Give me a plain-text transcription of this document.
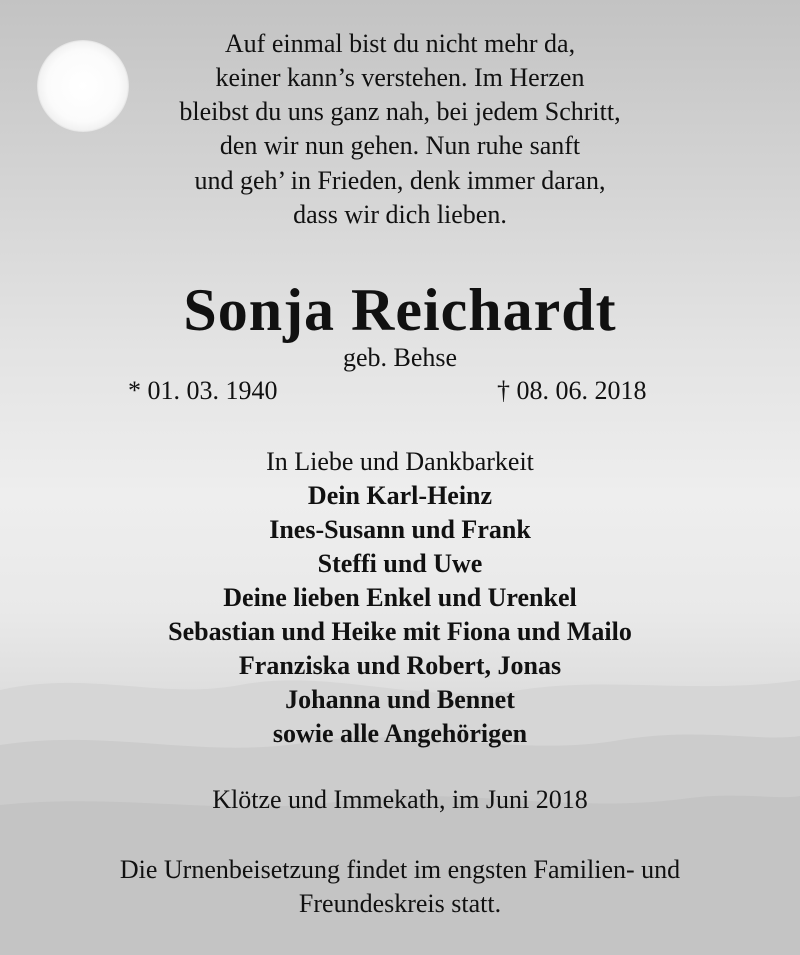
Auf einmal bist du nicht mehr da,
keiner kann’s verstehen. Im Herzen
bleibst du uns ganz nah, bei jedem Schritt,
den wir nun gehen. Nun ruhe sanft
und geh’ in Frieden, denk immer daran,
dass wir dich lieben.
Sonja Reichardt
geb. Behse
* 01. 03. 1940	† 08. 06. 2018
In Liebe und Dankbarkeit
Dein Karl-Heinz
Ines-Susann und Frank
Steffi und Uwe
Deine lieben Enkel und Urenkel
Sebastian und Heike mit Fiona und Mailo
Franziska und Robert, Jonas
Johanna und Bennet
sowie alle Angehörigen
Klötze und Immekath, im Juni 2018
Die Urnenbeisetzung findet im engsten Familien- und
Freundeskreis statt.
